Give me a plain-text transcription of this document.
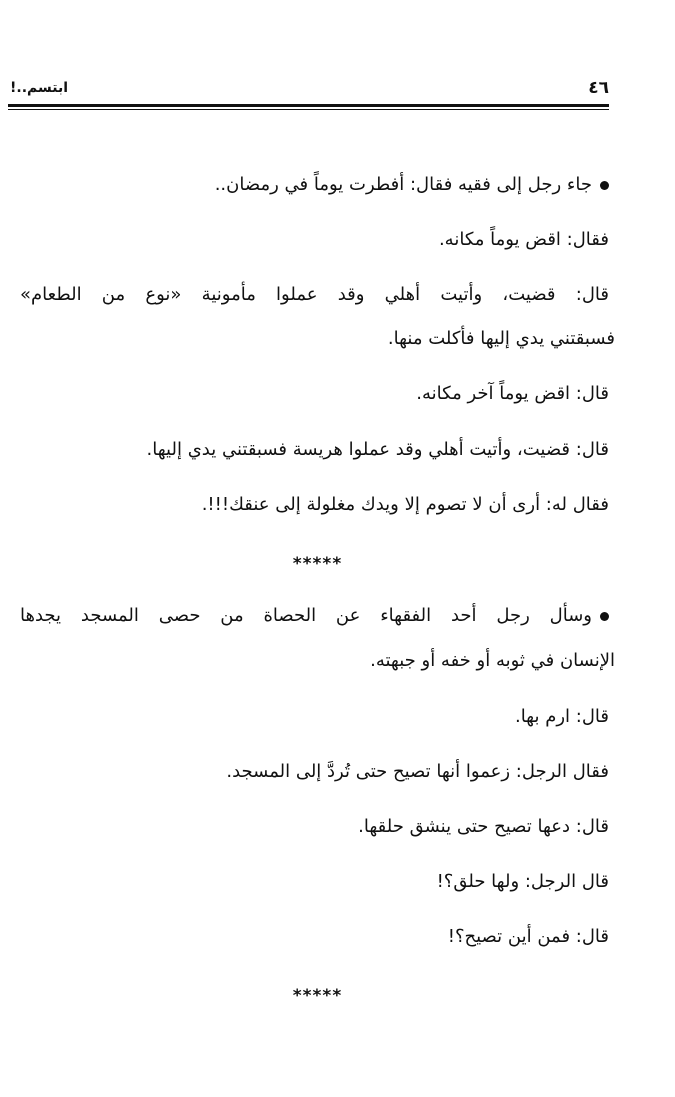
٤٦
ابتسم..!
جاء رجل إلى فقيه فقال: أفطرت يوماً في رمضان..
فقال: اقض يوماً مكانه.
قال: قضيت، وأتيت أهلي وقد عملوا مأمونية «نوع من الطعام»
فسبقتني يدي إليها فأكلت منها.
قال: اقض يوماً آخر مكانه.
قال: قضيت، وأتيت أهلي وقد عملوا هريسة فسبقتني يدي إليها.
فقال له: أرى أن لا تصوم إلا ويدك مغلولة إلى عنقك!!!.
*****
وسأل رجل أحد الفقهاء عن الحصاة من حصى المسجد يجدها
الإنسان في ثوبه أو خفه أو جبهته.
قال: ارم بها.
فقال الرجل: زعموا أنها تصيح حتى تُردَّ إلى المسجد.
قال: دعها تصيح حتى ينشق حلقها.
قال الرجل: ولها حلق؟!
قال: فمن أين تصيح؟!
*****
